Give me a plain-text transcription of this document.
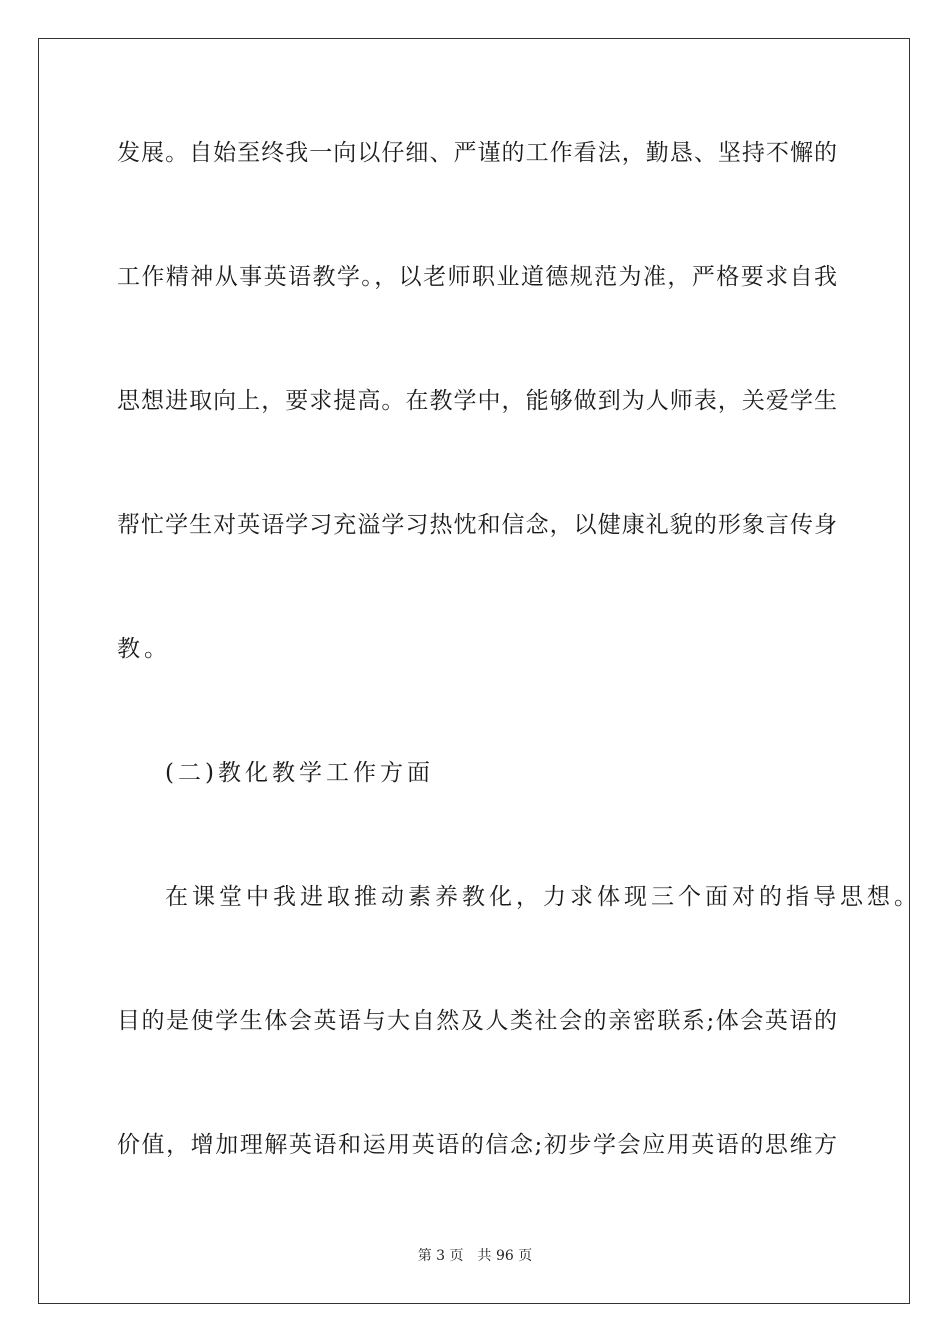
发展。自始至终我一向以仔细、严谨的工作看法，勤恳、坚持不懈的
工作精神从事英语教学。，以老师职业道德规范为准，严格要求自我
思想进取向上，要求提高。在教学中，能够做到为人师表，关爱学生
帮忙学生对英语学习充溢学习热忱和信念，以健康礼貌的形象言传身
教。
(二)教化教学工作方面
在课堂中我进取推动素养教化，力求体现三个面对的指导思想。
目的是使学生体会英语与大自然及人类社会的亲密联系;体会英语的
价值，增加理解英语和运用英语的信念;初步学会应用英语的思维方
第 3 页 共 96 页
